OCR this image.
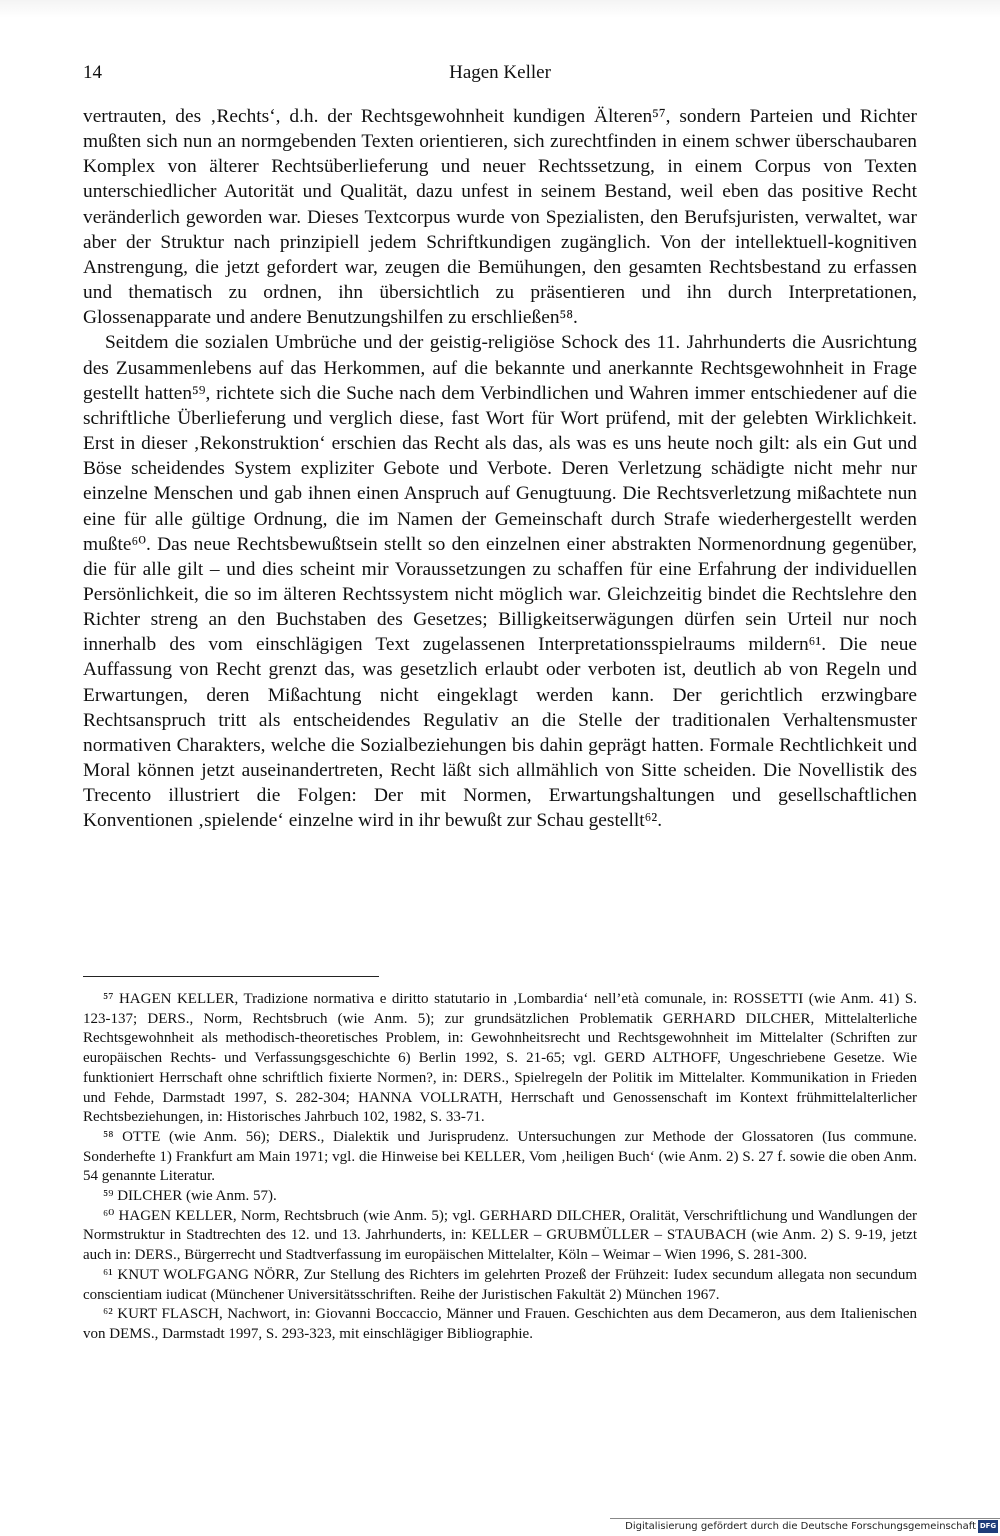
14	Hagen Keller

vertrauten, des ‚Rechts‘, d.h. der Rechtsgewohnheit kundigen Älteren⁵⁷, sondern Parteien und Richter mußten sich nun an normgebenden Texten orientieren, sich zurechtfinden in einem schwer überschaubaren Komplex von älterer Rechtsüberlieferung und neuer Rechtssetzung, in einem Corpus von Texten unterschiedlicher Autorität und Qualität, dazu unfest in seinem Bestand, weil eben das positive Recht veränderlich geworden war. Dieses Textcorpus wurde von Spezialisten, den Berufsjuristen, verwaltet, war aber der Struktur nach prinzipiell jedem Schriftkundigen zugänglich. Von der intellektuell-kognitiven Anstrengung, die jetzt gefordert war, zeugen die Bemühungen, den gesamten Rechtsbestand zu erfassen und thematisch zu ordnen, ihn übersichtlich zu präsentieren und ihn durch Interpretationen, Glossenapparate und andere Benutzungshilfen zu erschließen⁵⁸.

Seitdem die sozialen Umbrüche und der geistig-religiöse Schock des 11. Jahrhunderts die Ausrichtung des Zusammenlebens auf das Herkommen, auf die bekannte und anerkannte Rechtsgewohnheit in Frage gestellt hatten⁵⁹, richtete sich die Suche nach dem Verbindlichen und Wahren immer entschiedener auf die schriftliche Überlieferung und verglich diese, fast Wort für Wort prüfend, mit der gelebten Wirklichkeit. Erst in dieser ‚Rekonstruktion‘ erschien das Recht als das, als was es uns heute noch gilt: als ein Gut und Böse scheidendes System expliziter Gebote und Verbote. Deren Verletzung schädigte nicht mehr nur einzelne Menschen und gab ihnen einen Anspruch auf Genugtuung. Die Rechtsverletzung mißachtete nun eine für alle gültige Ordnung, die im Namen der Gemeinschaft durch Strafe wiederhergestellt werden mußte⁶⁰. Das neue Rechtsbewußtsein stellt so den einzelnen einer abstrakten Normenordnung gegenüber, die für alle gilt – und dies scheint mir Voraussetzungen zu schaffen für eine Erfahrung der individuellen Persönlichkeit, die so im älteren Rechtssystem nicht möglich war. Gleichzeitig bindet die Rechtslehre den Richter streng an den Buchstaben des Gesetzes; Billigkeitserwägungen dürfen sein Urteil nur noch innerhalb des vom einschlägigen Text zugelassenen Interpretationsspielraums mildern⁶¹. Die neue Auffassung von Recht grenzt das, was gesetzlich erlaubt oder verboten ist, deutlich ab von Regeln und Erwartungen, deren Mißachtung nicht eingeklagt werden kann. Der gerichtlich erzwingbare Rechtsanspruch tritt als entscheidendes Regulativ an die Stelle der traditionalen Verhaltensmuster normativen Charakters, welche die Sozialbeziehungen bis dahin geprägt hatten. Formale Rechtlichkeit und Moral können jetzt auseinandertreten, Recht läßt sich allmählich von Sitte scheiden. Die Novellistik des Trecento illustriert die Folgen: Der mit Normen, Erwartungshaltungen und gesellschaftlichen Konventionen ‚spielende‘ einzelne wird in ihr bewußt zur Schau gestellt⁶².

⁵⁷ HAGEN KELLER, Tradizione normativa e diritto statutario in ‚Lombardia‘ nell’età comunale, in: ROSSETTI (wie Anm. 41) S. 123-137; DERS., Norm, Rechtsbruch (wie Anm. 5); zur grundsätzlichen Problematik GERHARD DILCHER, Mittelalterliche Rechtsgewohnheit als methodisch-theoretisches Problem, in: Gewohnheitsrecht und Rechtsgewohnheit im Mittelalter (Schriften zur europäischen Rechts- und Verfassungsgeschichte 6) Berlin 1992, S. 21-65; vgl. GERD ALTHOFF, Ungeschriebene Gesetze. Wie funktioniert Herrschaft ohne schriftlich fixierte Normen?, in: DERS., Spielregeln der Politik im Mittelalter. Kommunikation in Frieden und Fehde, Darmstadt 1997, S. 282-304; HANNA VOLLRATH, Herrschaft und Genossenschaft im Kontext frühmittelalterlicher Rechtsbeziehungen, in: Historisches Jahrbuch 102, 1982, S. 33-71.

⁵⁸ OTTE (wie Anm. 56); DERS., Dialektik und Jurisprudenz. Untersuchungen zur Methode der Glossatoren (Ius commune. Sonderhefte 1) Frankfurt am Main 1971; vgl. die Hinweise bei KELLER, Vom ‚heiligen Buch‘ (wie Anm. 2) S. 27 f. sowie die oben Anm. 54 genannte Literatur.

⁵⁹ DILCHER (wie Anm. 57).

⁶⁰ HAGEN KELLER, Norm, Rechtsbruch (wie Anm. 5); vgl. GERHARD DILCHER, Oralität, Verschriftlichung und Wandlungen der Normstruktur in Stadtrechten des 12. und 13. Jahrhunderts, in: KELLER – GRUBMÜLLER – STAUBACH (wie Anm. 2) S. 9-19, jetzt auch in: DERS., Bürgerrecht und Stadtverfassung im europäischen Mittelalter, Köln – Weimar – Wien 1996, S. 281-300.

⁶¹ KNUT WOLFGANG NÖRR, Zur Stellung des Richters im gelehrten Prozeß der Frühzeit: Iudex secundum allegata non secundum conscientiam iudicat (Münchener Universitätsschriften. Reihe der Juristischen Fakultät 2) München 1967.

⁶² KURT FLASCH, Nachwort, in: Giovanni Boccaccio, Männer und Frauen. Geschichten aus dem Decameron, aus dem Italienischen von DEMS., Darmstadt 1997, S. 293-323, mit einschlägiger Bibliographie.

Digitalisierung gefördert durch die Deutsche Forschungsgemeinschaft DFG
